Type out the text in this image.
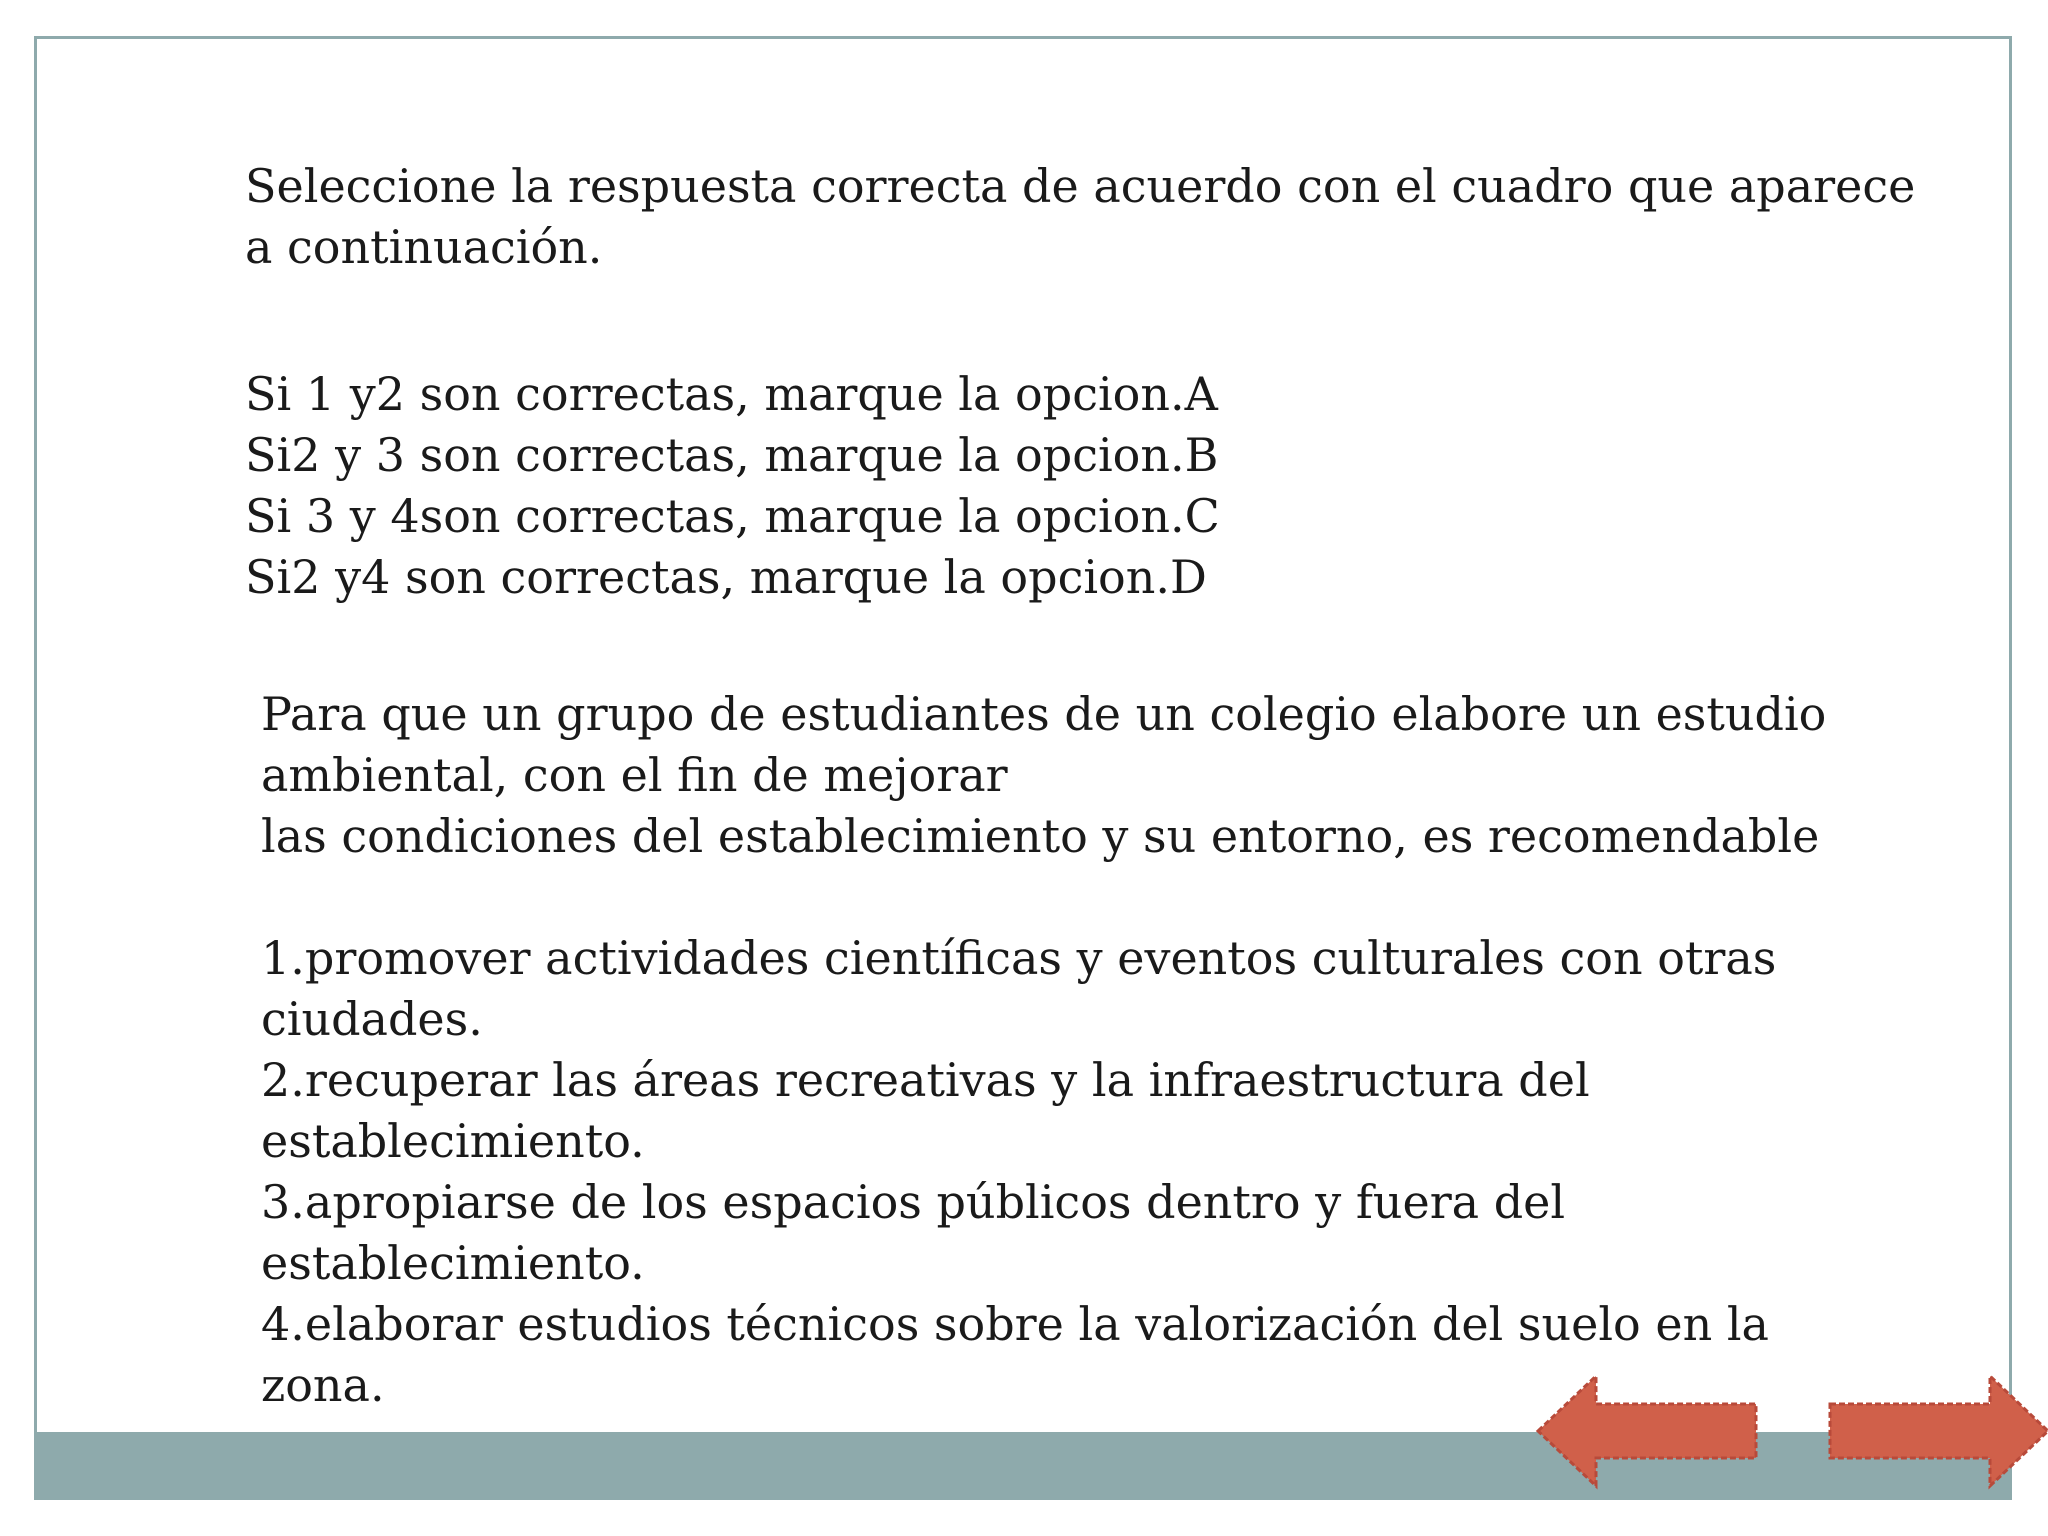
Seleccione la respuesta correcta de acuerdo con el cuadro que aparece
a continuación.
Si 1 y2 son correctas, marque la opcion.A
Si2 y 3 son correctas, marque la opcion.B
Si 3 y 4son correctas, marque la opcion.C
Si2 y4 son correctas, marque la opcion.D
Para que un grupo de estudiantes de un colegio elabore un estudio
ambiental, con el fin de mejorar
las condiciones del establecimiento y su entorno, es recomendable
1.promover actividades científicas y eventos culturales con otras
ciudades.
2.recuperar las áreas recreativas y la infraestructura del
establecimiento.
3.apropiarse de los espacios públicos dentro y fuera del
establecimiento.
4.elaborar estudios técnicos sobre la valorización del suelo en la
zona.
